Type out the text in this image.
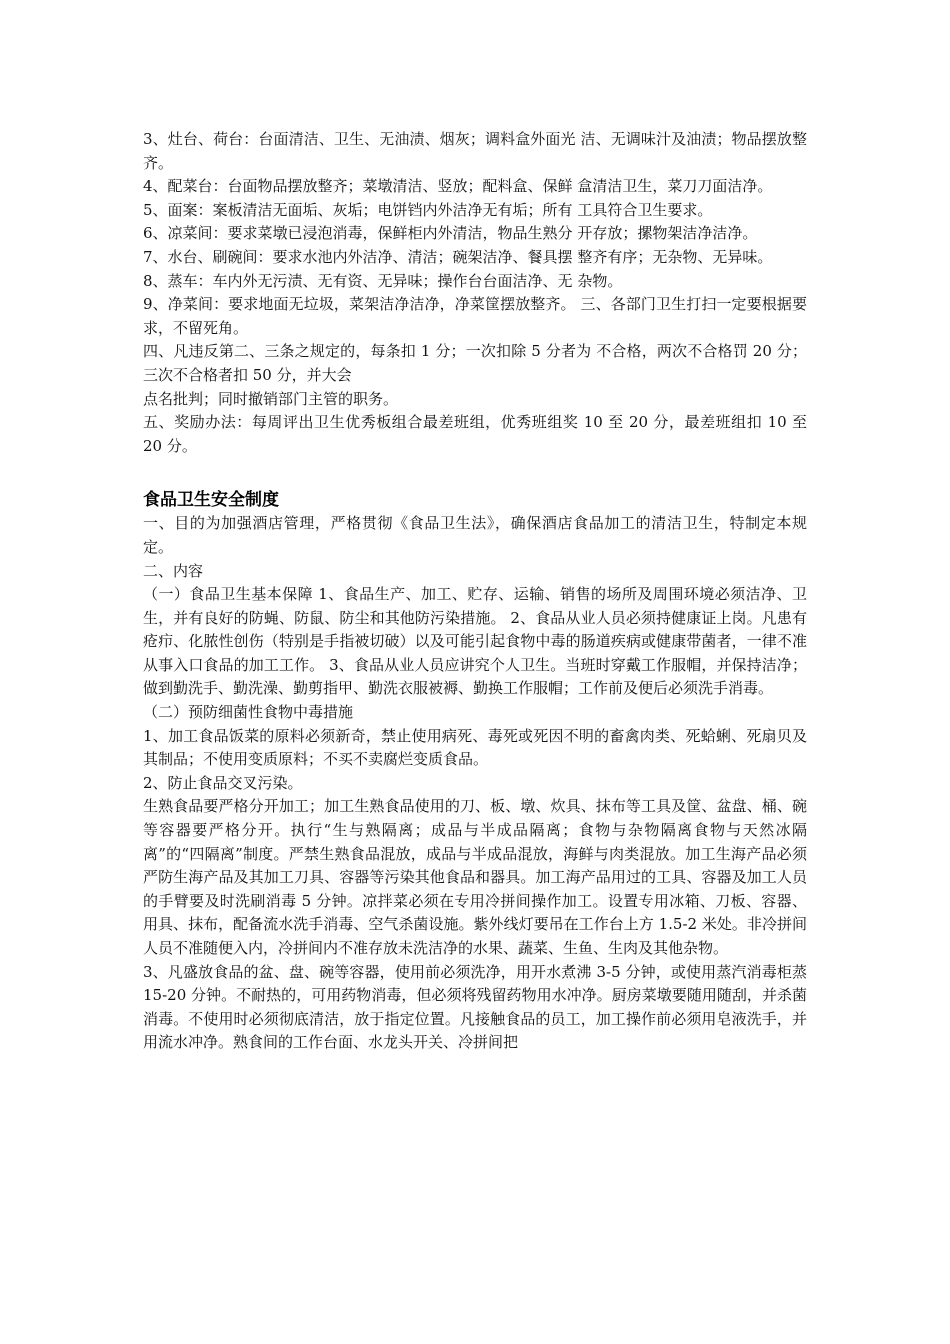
3、灶台、荷台：台面清洁、卫生、无油渍、烟灰；调料盒外面光 洁、无调味汁及油渍；物品摆放整齐。

4、配菜台：台面物品摆放整齐；菜墩清洁、竖放；配料盒、保鲜 盒清洁卫生，菜刀刀面洁净。

5、面案：案板清洁无面垢、灰垢；电饼铛内外洁净无有垢；所有 工具符合卫生要求。

6、凉菜间：要求菜墩已浸泡消毒，保鲜柜内外清洁，物品生熟分 开存放；摞物架洁净洁净。

7、水台、刷碗间：要求水池内外洁净、清洁；碗架洁净、餐具摆 整齐有序；无杂物、无异味。

8、蒸车：车内外无污渍、无有资、无异味；操作台台面洁净、无 杂物。

9、净菜间：要求地面无垃圾，菜架洁净洁净，净菜筐摆放整齐。 三、各部门卫生打扫一定要根据要求，不留死角。

四、凡违反第二、三条之规定的，每条扣 1 分；一次扣除 5 分者为 不合格，两次不合格罚 20 分；三次不合格者扣 50 分，并大会

点名批判；同时撤销部门主管的职务。

五、奖励办法：每周评出卫生优秀板组合最差班组，优秀班组奖 10 至 20 分，最差班组扣 10 至 20 分。

食品卫生安全制度

一、目的为加强酒店管理，严格贯彻《食品卫生法》，确保酒店食品加工的清洁卫生，特制定本规定。

二、内容

（一）食品卫生基本保障 1、食品生产、加工、贮存、运输、销售的场所及周围环境必须洁净、卫生，并有良好的防蝇、防鼠、防尘和其他防污染措施。 2、食品从业人员必须持健康证上岗。凡患有疮疖、化脓性创伤（特别是手指被切破）以及可能引起食物中毒的肠道疾病或健康带菌者，一律不准从事入口食品的加工工作。 3、食品从业人员应讲究个人卫生。当班时穿戴工作服帽，并保持洁净；做到勤洗手、勤洗澡、勤剪指甲、勤洗衣服被褥、勤换工作服帽；工作前及便后必须洗手消毒。

（二）预防细菌性食物中毒措施

1、加工食品饭菜的原料必须新奇，禁止使用病死、毒死或死因不明的畜禽肉类、死蛤蜊、死扇贝及其制品；不使用变质原料；不买不卖腐烂变质食品。

2、防止食品交叉污染。

生熟食品要严格分开加工；加工生熟食品使用的刀、板、墩、炊具、抹布等工具及筐、盆盘、桶、碗等容器要严格分开。执行“生与熟隔离；成品与半成品隔离；食物与杂物隔离食物与天然冰隔离”的“四隔离”制度。严禁生熟食品混放，成品与半成品混放，海鲜与肉类混放。加工生海产品必须严防生海产品及其加工刀具、容器等污染其他食品和器具。加工海产品用过的工具、容器及加工人员的手臂要及时洗刷消毒 5 分钟。凉拌菜必须在专用冷拼间操作加工。设置专用冰箱、刀板、容器、用具、抹布，配备流水洗手消毒、空气杀菌设施。紫外线灯要吊在工作台上方 1.5-2 米处。非冷拼间人员不准随便入内，冷拼间内不准存放未洗洁净的水果、蔬菜、生鱼、生肉及其他杂物。

3、凡盛放食品的盆、盘、碗等容器，使用前必须洗净，用开水煮沸 3-5 分钟，或使用蒸汽消毒柜蒸 15-20 分钟。不耐热的，可用药物消毒，但必须将残留药物用水冲净。厨房菜墩要随用随刮，并杀菌消毒。不使用时必须彻底清洁，放于指定位置。凡接触食品的员工，加工操作前必须用皂液洗手，并用流水冲净。熟食间的工作台面、水龙头开关、冷拼间把
